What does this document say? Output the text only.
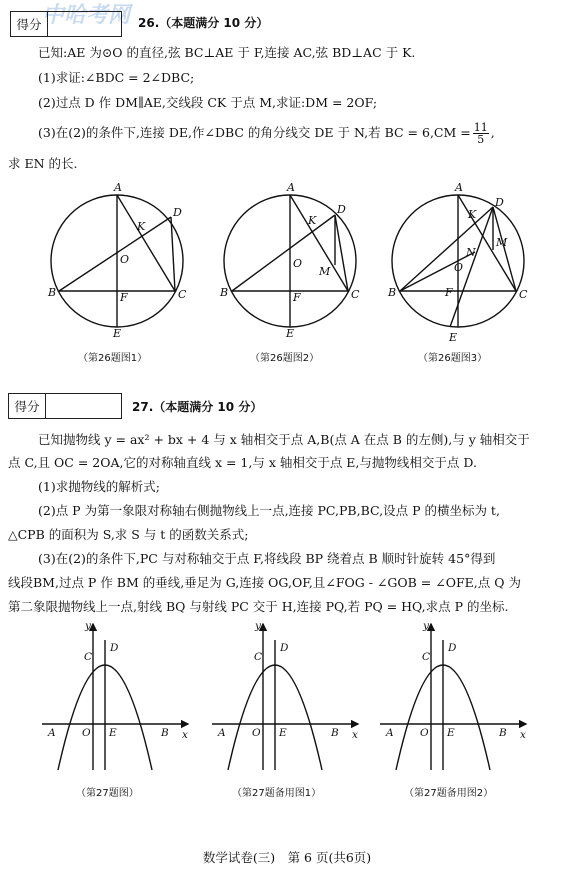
中哈考网
得分	26.（本题满分 10 分）
已知:AE 为⊙O 的直径,弦 BC⊥AE 于 F,连接 AC,弦 BD⊥AC 于 K.
(1)求证:∠BDC = 2∠DBC;
(2)过点 D 作 DM∥AE,交线段 CK 于点 M,求证:DM = 2OF;
(3)在(2)的条件下,连接 DE,作∠DBC 的角分线交 DE 于 N,若 BC = $6,CM = \frac{11}{5}$ ,
求 EN 的长.
A
D
K
O
B	F	C
E
A
D
K
O
M
B	F	C
E
A
D
K
N
M
O
B	F	C
E
（第26题图1）	（第26题图2）	（第26题图3）
得分	27.（本题满分 10 分）
已知抛物线 y = ax² + bx + 4 与 x 轴相交于点 A,B(点 A 在点 B 的左侧),与 y 轴相交于
点 C,且 OC = 2OA,它的对称轴直线 x = 1,与 x 轴相交于点 E,与抛物线相交于点 D.
(1)求抛物线的解析式;
(2)点 P 为第一象限对称轴右侧抛物线上一点,连接 PC,PB,BC,设点 P 的横坐标为 t,
△CPB 的面积为 S,求 S 与 t 的函数关系式;
(3)在(2)的条件下,PC 与对称轴交于点 F,将线段 BP 绕着点 B 顺时针旋转 45°得到
线段BM,过点 P 作 BM 的垂线,垂足为 G,连接 OG,OF,且∠FOG - ∠GOB = ∠OFE,点 Q 为
第二象限抛物线上一点,射线 BQ 与射线 PC 交于 H,连接 PQ,若 PQ = HQ,求点 P 的坐标.
y
x
C
D
A	O E	B
y
x
C
D
A	O E	B
y
x
C
D
A	O E	B
（第27题图）	（第27题备用图1）	（第27题备用图2）
数学试卷(三)　第 6 页(共6页)
